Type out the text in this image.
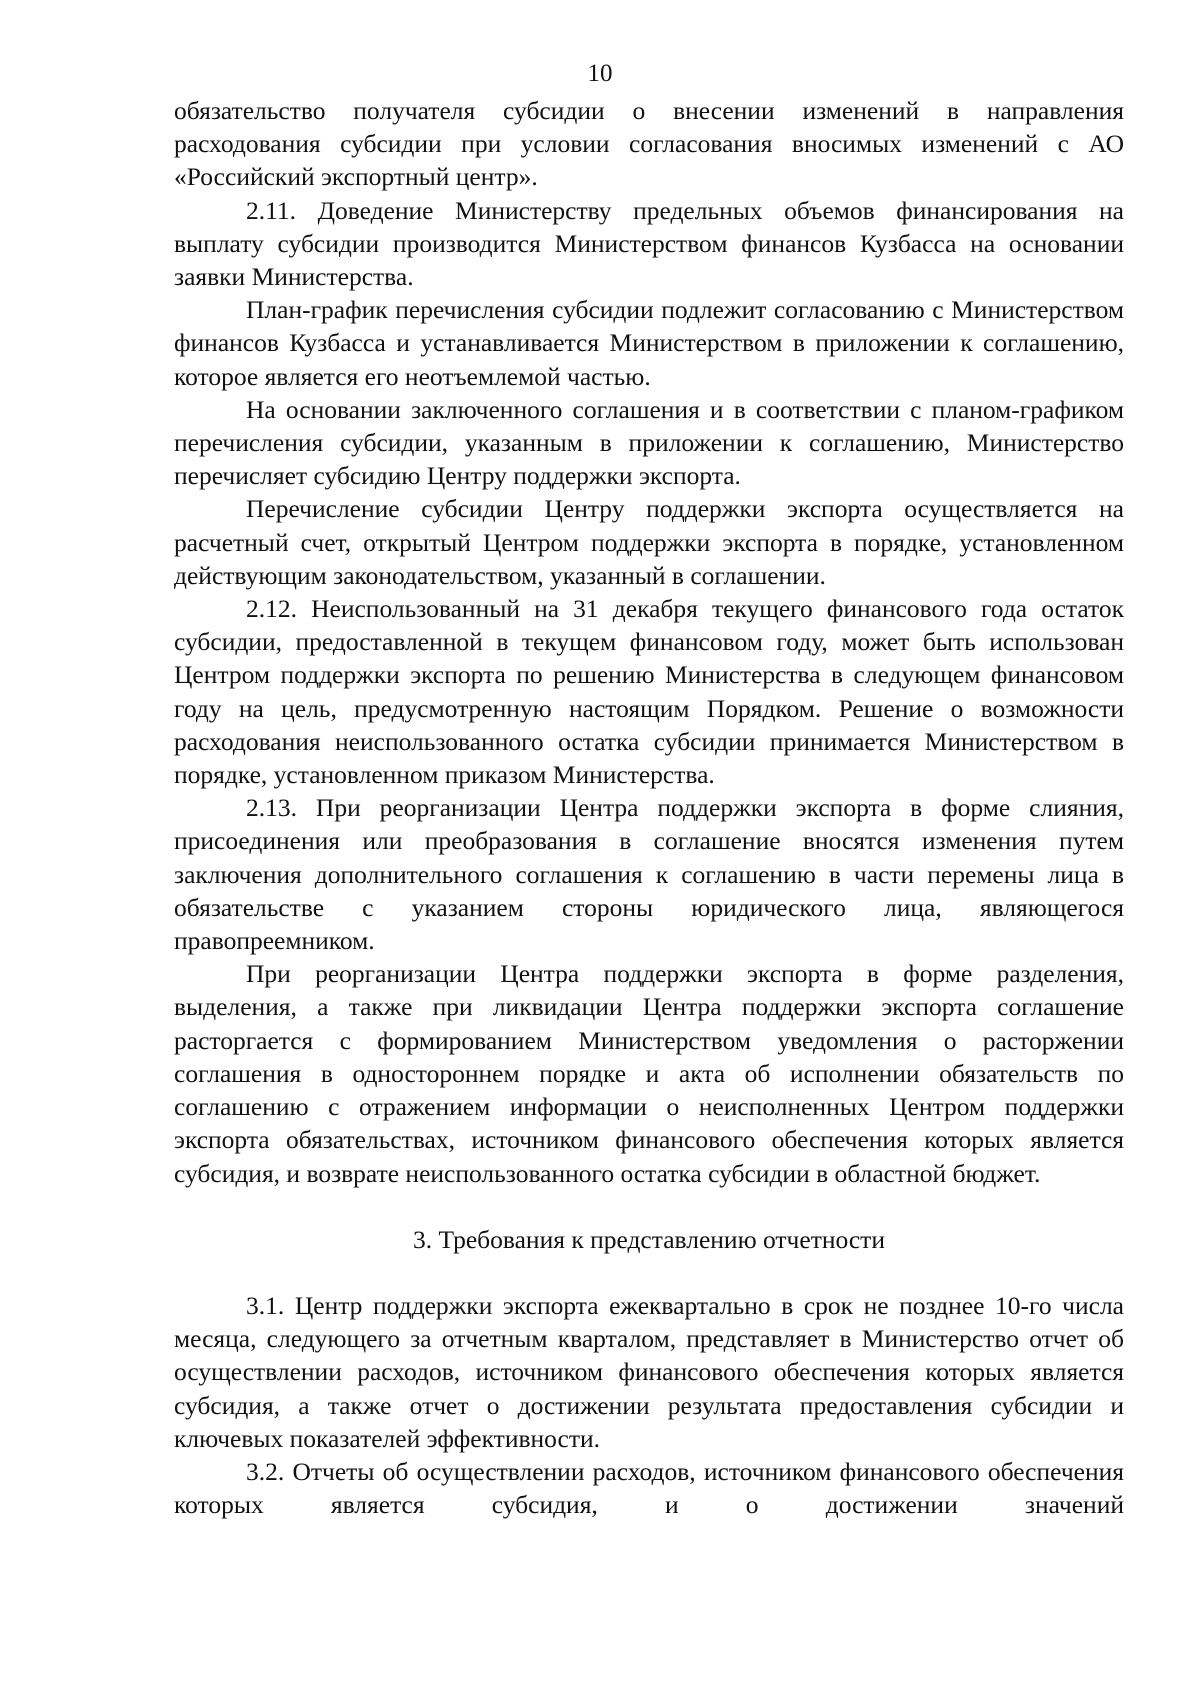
10

обязательство получателя субсидии о внесении изменений в направления расходования субсидии при условии согласования вносимых изменений с АО «Российский экспортный центр».

2.11. Доведение Министерству предельных объемов финансирования на выплату субсидии производится Министерством финансов Кузбасса на основании заявки Министерства.

План-график перечисления субсидии подлежит согласованию с Министерством финансов Кузбасса и устанавливается Министерством в приложении к соглашению, которое является его неотъемлемой частью.

На основании заключенного соглашения и в соответствии с планом-графиком перечисления субсидии, указанным в приложении к соглашению, Министерство перечисляет субсидию Центру поддержки экспорта.

Перечисление субсидии Центру поддержки экспорта осуществляется на расчетный счет, открытый Центром поддержки экспорта в порядке, установленном действующим законодательством, указанный в соглашении.

2.12. Неиспользованный на 31 декабря текущего финансового года остаток субсидии, предоставленной в текущем финансовом году, может быть использован Центром поддержки экспорта по решению Министерства в следующем финансовом году на цель, предусмотренную настоящим Порядком. Решение о возможности расходования неиспользованного остатка субсидии принимается Министерством в порядке, установленном приказом Министерства.

2.13. При реорганизации Центра поддержки экспорта в форме слияния, присоединения или преобразования в соглашение вносятся изменения путем заключения дополнительного соглашения к соглашению в части перемены лица в обязательстве с указанием стороны юридического лица, являющегося правопреемником.

При реорганизации Центра поддержки экспорта в форме разделения, выделения, а также при ликвидации Центра поддержки экспорта соглашение расторгается с формированием Министерством уведомления о расторжении соглашения в одностороннем порядке и акта об исполнении обязательств по соглашению с отражением информации о неисполненных Центром поддержки экспорта обязательствах, источником финансового обеспечения которых является субсидия, и возврате неиспользованного остатка субсидии в областной бюджет.

3. Требования к представлению отчетности

3.1. Центр поддержки экспорта ежеквартально в срок не позднее 10-го числа месяца, следующего за отчетным кварталом, представляет в Министерство отчет об осуществлении расходов, источником финансового обеспечения которых является субсидия, а также отчет о достижении результата предоставления субсидии и ключевых показателей эффективности.

3.2. Отчеты об осуществлении расходов, источником финансового обеспечения которых является субсидия, и о достижении значений
